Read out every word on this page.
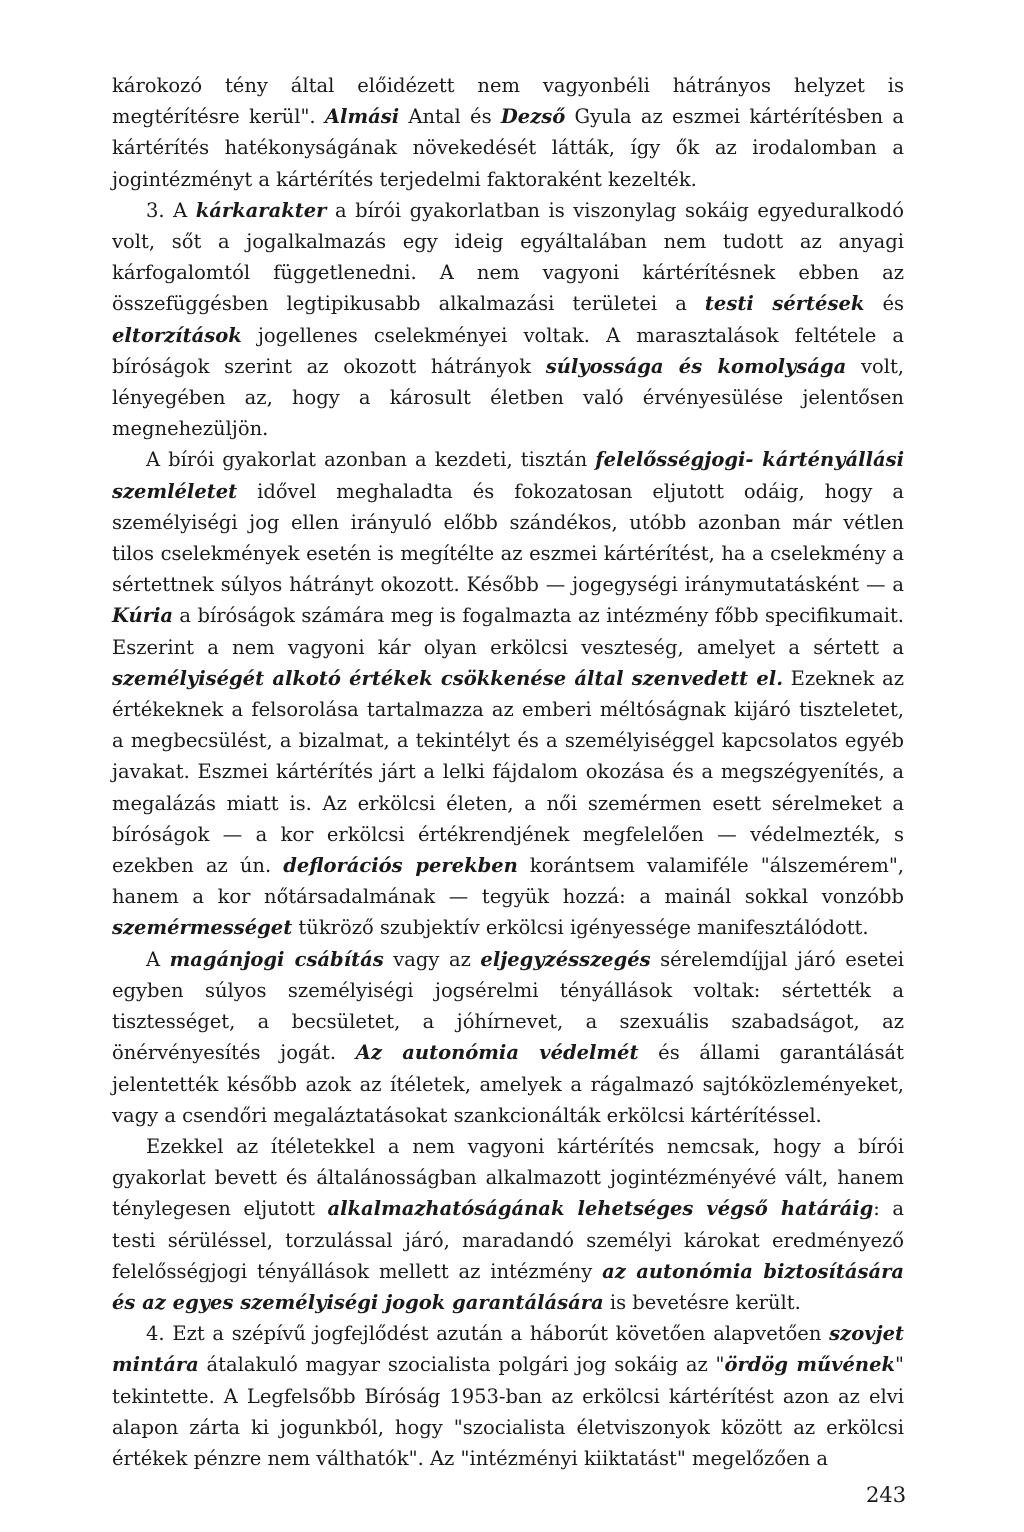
károkozó tény által előidézett nem vagyonbéli hátrányos helyzet is megtérítésre kerül". Almási Antal és Dezső Gyula az eszmei kártérítésben a kártérítés hatékonyságának növekedését látták, így ők az irodalomban a jogintézményt a kártérítés terjedelmi faktoraként kezelték.

3. A kárkarakter a bírói gyakorlatban is viszonylag sokáig egyeduralkodó volt, sőt a jogalkalmazás egy ideig egyáltalában nem tudott az anyagi kárfogalomtól függetlenedni. A nem vagyoni kártérítésnek ebben az összefüggésben legtipikusabb alkalmazási területei a testi sértések és eltorzítások jogellenes cselekményei voltak. A marasztalások feltétele a bíróságok szerint az okozott hátrányok súlyossága és komolysága volt, lényegében az, hogy a károsult életben való érvényesülése jelentősen megnehezüljön.

A bírói gyakorlat azonban a kezdeti, tisztán felelősségjogi- kártényállási szemléletet idővel meghaladta és fokozatosan eljutott odáig, hogy a személyiségi jog ellen irányuló előbb szándékos, utóbb azonban már vétlen tilos cselekmények esetén is megítélte az eszmei kártérítést, ha a cselekmény a sértettnek súlyos hátrányt okozott. Később — jogegységi iránymutatásként — a Kúria a bíróságok számára meg is fogalmazta az intézmény főbb specifikumait. Eszerint a nem vagyoni kár olyan erkölcsi veszteség, amelyet a sértett a személyiségét alkotó értékek csökkenése által szenvedett el. Ezeknek az értékeknek a felsorolása tartalmazza az emberi méltóságnak kijáró tiszteletet, a megbecsülést, a bizalmat, a tekintélyt és a személyiséggel kapcsolatos egyéb javakat. Eszmei kártérítés járt a lelki fájdalom okozása és a megszégyenítés, a megalázás miatt is. Az erkölcsi életen, a női szemérmen esett sérelmeket a bíróságok — a kor erkölcsi értékrendjének megfelelően — védelmezték, s ezekben az ún. deflorációs perekben korántsem valamiféle "álszemérem", hanem a kor nőtársadalmának — tegyük hozzá: a mainál sokkal vonzóbb szemérmességet tükröző szubjektív erkölcsi igényessége manifesztálódott.

A magánjogi csábítás vagy az eljegyzésszegés sérelemdíjjal járó esetei egyben súlyos személyiségi jogsérelmi tényállások voltak: sértették a tisztességet, a becsületet, a jóhírnevet, a szexuális szabadságot, az önérvényesítés jogát. Az autonómia védelmét és állami garantálását jelentették később azok az ítéletek, amelyek a rágalmazó sajtóközleményeket, vagy a csendőri megaláztatásokat szankcionálták erkölcsi kártérítéssel.

Ezekkel az ítéletekkel a nem vagyoni kártérítés nemcsak, hogy a bírói gyakorlat bevett és általánosságban alkalmazott jogintézményévé vált, hanem ténylegesen eljutott alkalmazhatóságának lehetséges végső határáig: a testi sérüléssel, torzulással járó, maradandó személyi károkat eredményező felelősségjogi tényállások mellett az intézmény az autonómia biztosítására és az egyes személyiségi jogok garantálására is bevetésre került.

4. Ezt a szépívű jogfejlődést azután a háborút követően alapvetően szovjet mintára átalakuló magyar szocialista polgári jog sokáig az "ördög művének" tekintette. A Legfelsőbb Bíróság 1953-ban az erkölcsi kártérítést azon az elvi alapon zárta ki jogunkból, hogy "szocialista életviszonyok között az erkölcsi értékek pénzre nem válthatók". Az "intézményi kiiktatást" megelőzően a

243
